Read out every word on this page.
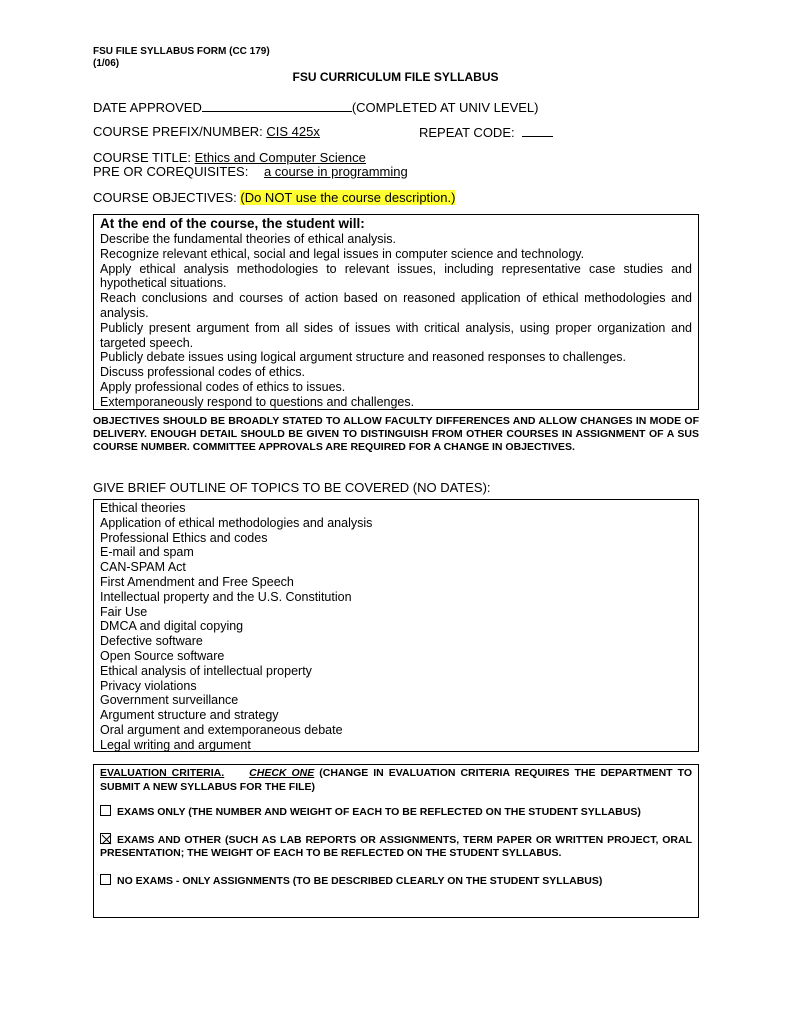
FSU FILE SYLLABUS FORM (CC 179)
(1/06)
FSU CURRICULUM FILE SYLLABUS
DATE APPROVED	(COMPLETED AT UNIV LEVEL)
COURSE PREFIX/NUMBER: CIS 425x	REPEAT CODE:
COURSE TITLE: Ethics and Computer Science
PRE OR COREQUISITES: a course in programming
COURSE OBJECTIVES: (Do NOT use the course description.)
At the end of the course, the student will:
Describe the fundamental theories of ethical analysis.
Recognize relevant ethical, social and legal issues in computer science and technology.
Apply ethical analysis methodologies to relevant issues, including representative case studies and hypothetical situations.
Reach conclusions and courses of action based on reasoned application of ethical methodologies and analysis.
Publicly present argument from all sides of issues with critical analysis, using proper organization and targeted speech.
Publicly debate issues using logical argument structure and reasoned responses to challenges.
Discuss professional codes of ethics.
Apply professional codes of ethics to issues.
Extemporaneously respond to questions and challenges.
OBJECTIVES SHOULD BE BROADLY STATED TO ALLOW FACULTY DIFFERENCES AND ALLOW CHANGES IN MODE OF DELIVERY. ENOUGH DETAIL SHOULD BE GIVEN TO DISTINGUISH FROM OTHER COURSES IN ASSIGNMENT OF A SUS COURSE NUMBER. COMMITTEE APPROVALS ARE REQUIRED FOR A CHANGE IN OBJECTIVES.
GIVE BRIEF OUTLINE OF TOPICS TO BE COVERED (NO DATES):
Ethical theories
Application of ethical methodologies and analysis
Professional Ethics and codes
E-mail and spam
CAN-SPAM Act
First Amendment and Free Speech
Intellectual property and the U.S. Constitution
Fair Use
DMCA and digital copying
Defective software
Open Source software
Ethical analysis of intellectual property
Privacy violations
Government surveillance
Argument structure and strategy
Oral argument and extemporaneous debate
Legal writing and argument

EVALUATION CRITERIA. CHECK ONE (CHANGE IN EVALUATION CRITERIA REQUIRES THE DEPARTMENT TO SUBMIT A NEW SYLLABUS FOR THE FILE)

EXAMS ONLY (THE NUMBER AND WEIGHT OF EACH TO BE REFLECTED ON THE STUDENT SYLLABUS)

EXAMS AND OTHER (SUCH AS LAB REPORTS OR ASSIGNMENTS, TERM PAPER OR WRITTEN PROJECT, ORAL PRESENTATION; THE WEIGHT OF EACH TO BE REFLECTED ON THE STUDENT SYLLABUS.

NO EXAMS - ONLY ASSIGNMENTS (TO BE DESCRIBED CLEARLY ON THE STUDENT SYLLABUS)
